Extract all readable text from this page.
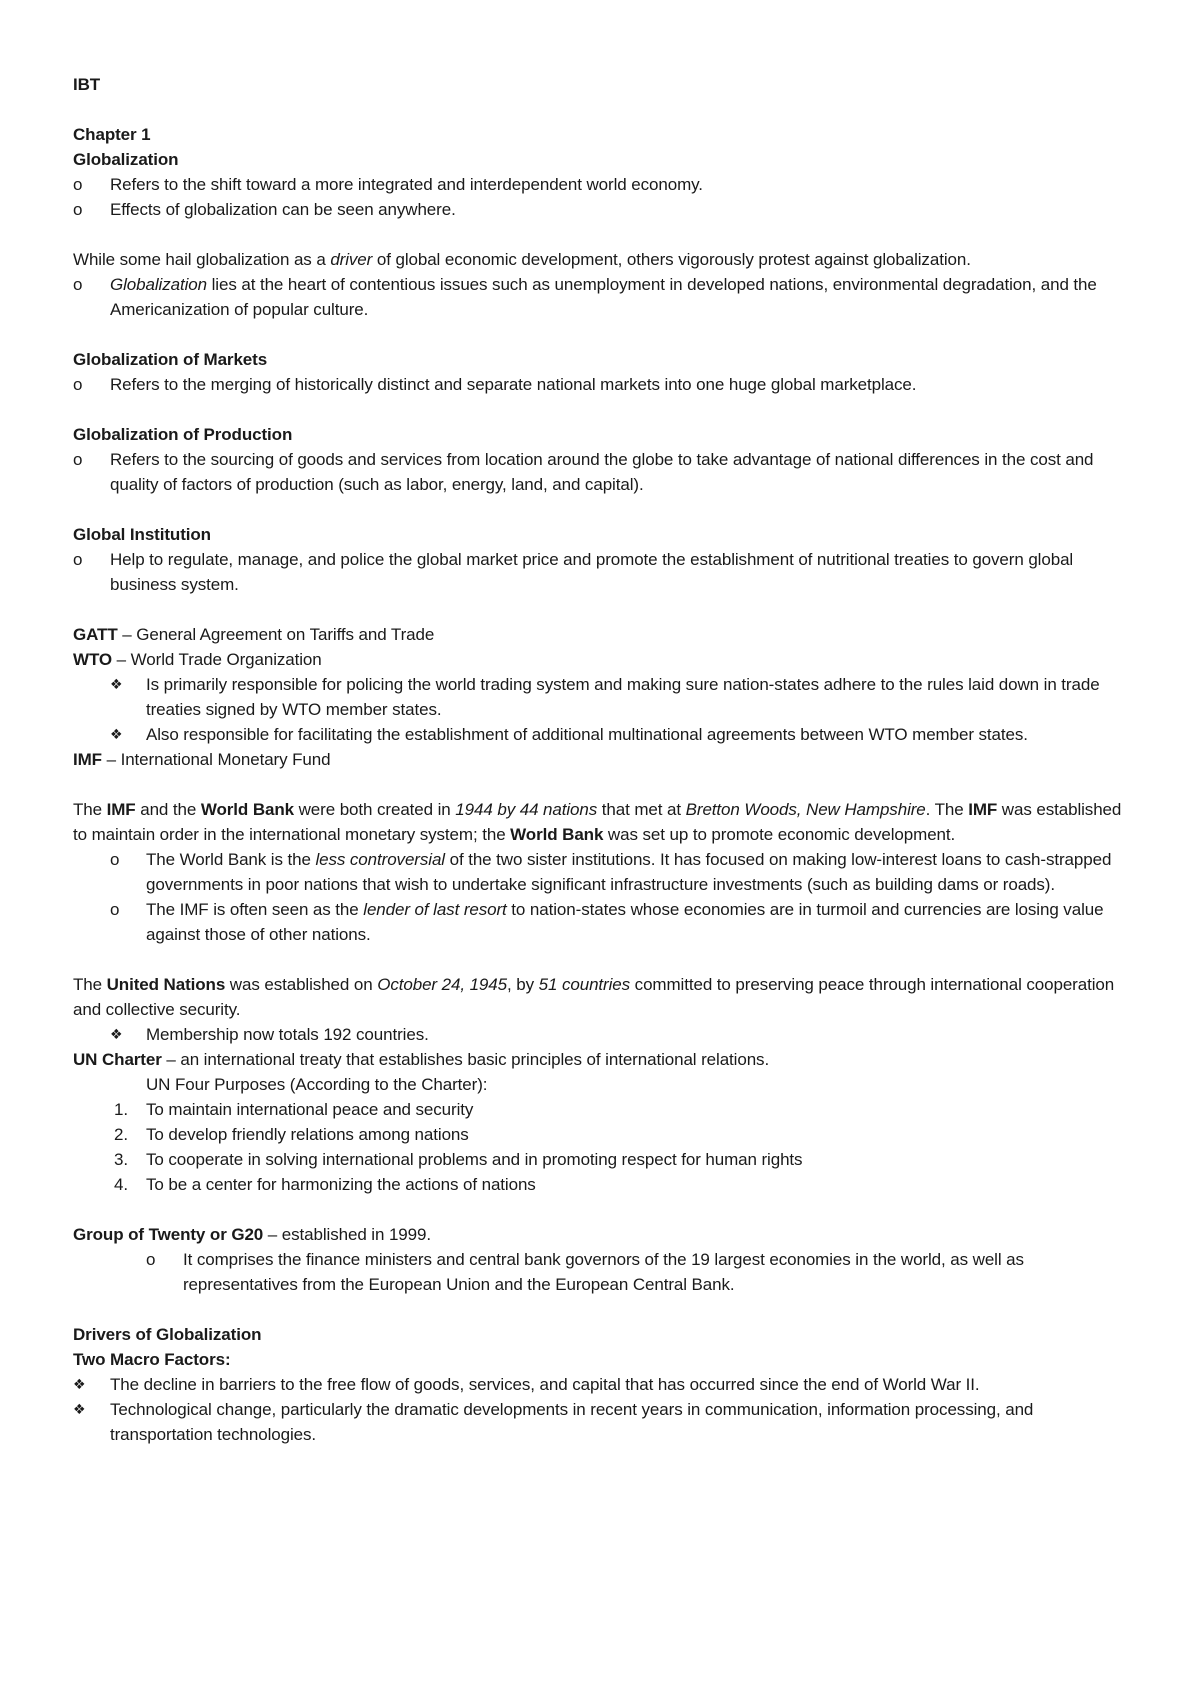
IBT

Chapter 1

Globalization

o Refers to the shift toward a more integrated and interdependent world economy.

o Effects of globalization can be seen anywhere.

While some hail globalization as a driver of global economic development, others vigorously protest against globalization.

o Globalization lies at the heart of contentious issues such as unemployment in developed nations, environmental degradation, and the Americanization of popular culture.

Globalization of Markets

o Refers to the merging of historically distinct and separate national markets into one huge global marketplace.

Globalization of Production

o Refers to the sourcing of goods and services from location around the globe to take advantage of national differences in the cost and quality of factors of production (such as labor, energy, land, and capital).

Global Institution

o Help to regulate, manage, and police the global market price and promote the establishment of nutritional treaties to govern global business system.

GATT – General Agreement on Tariffs and Trade

WTO – World Trade Organization

❖ Is primarily responsible for policing the world trading system and making sure nation-states adhere to the rules laid down in trade treaties signed by WTO member states.

❖ Also responsible for facilitating the establishment of additional multinational agreements between WTO member states.

IMF – International Monetary Fund

The IMF and the World Bank were both created in 1944 by 44 nations that met at Bretton Woods, New Hampshire. The IMF was established to maintain order in the international monetary system; the World Bank was set up to promote economic development.

o The World Bank is the less controversial of the two sister institutions. It has focused on making low-interest loans to cash-strapped governments in poor nations that wish to undertake significant infrastructure investments (such as building dams or roads).

o The IMF is often seen as the lender of last resort to nation-states whose economies are in turmoil and currencies are losing value against those of other nations.

The United Nations was established on October 24, 1945, by 51 countries committed to preserving peace through international cooperation and collective security.

❖ Membership now totals 192 countries.

UN Charter – an international treaty that establishes basic principles of international relations.

UN Four Purposes (According to the Charter):

1. To maintain international peace and security

2. To develop friendly relations among nations

3. To cooperate in solving international problems and in promoting respect for human rights

4. To be a center for harmonizing the actions of nations

Group of Twenty or G20 – established in 1999.

o It comprises the finance ministers and central bank governors of the 19 largest economies in the world, as well as representatives from the European Union and the European Central Bank.

Drivers of Globalization

Two Macro Factors:

❖ The decline in barriers to the free flow of goods, services, and capital that has occurred since the end of World War II.

❖ Technological change, particularly the dramatic developments in recent years in communication, information processing, and transportation technologies.
